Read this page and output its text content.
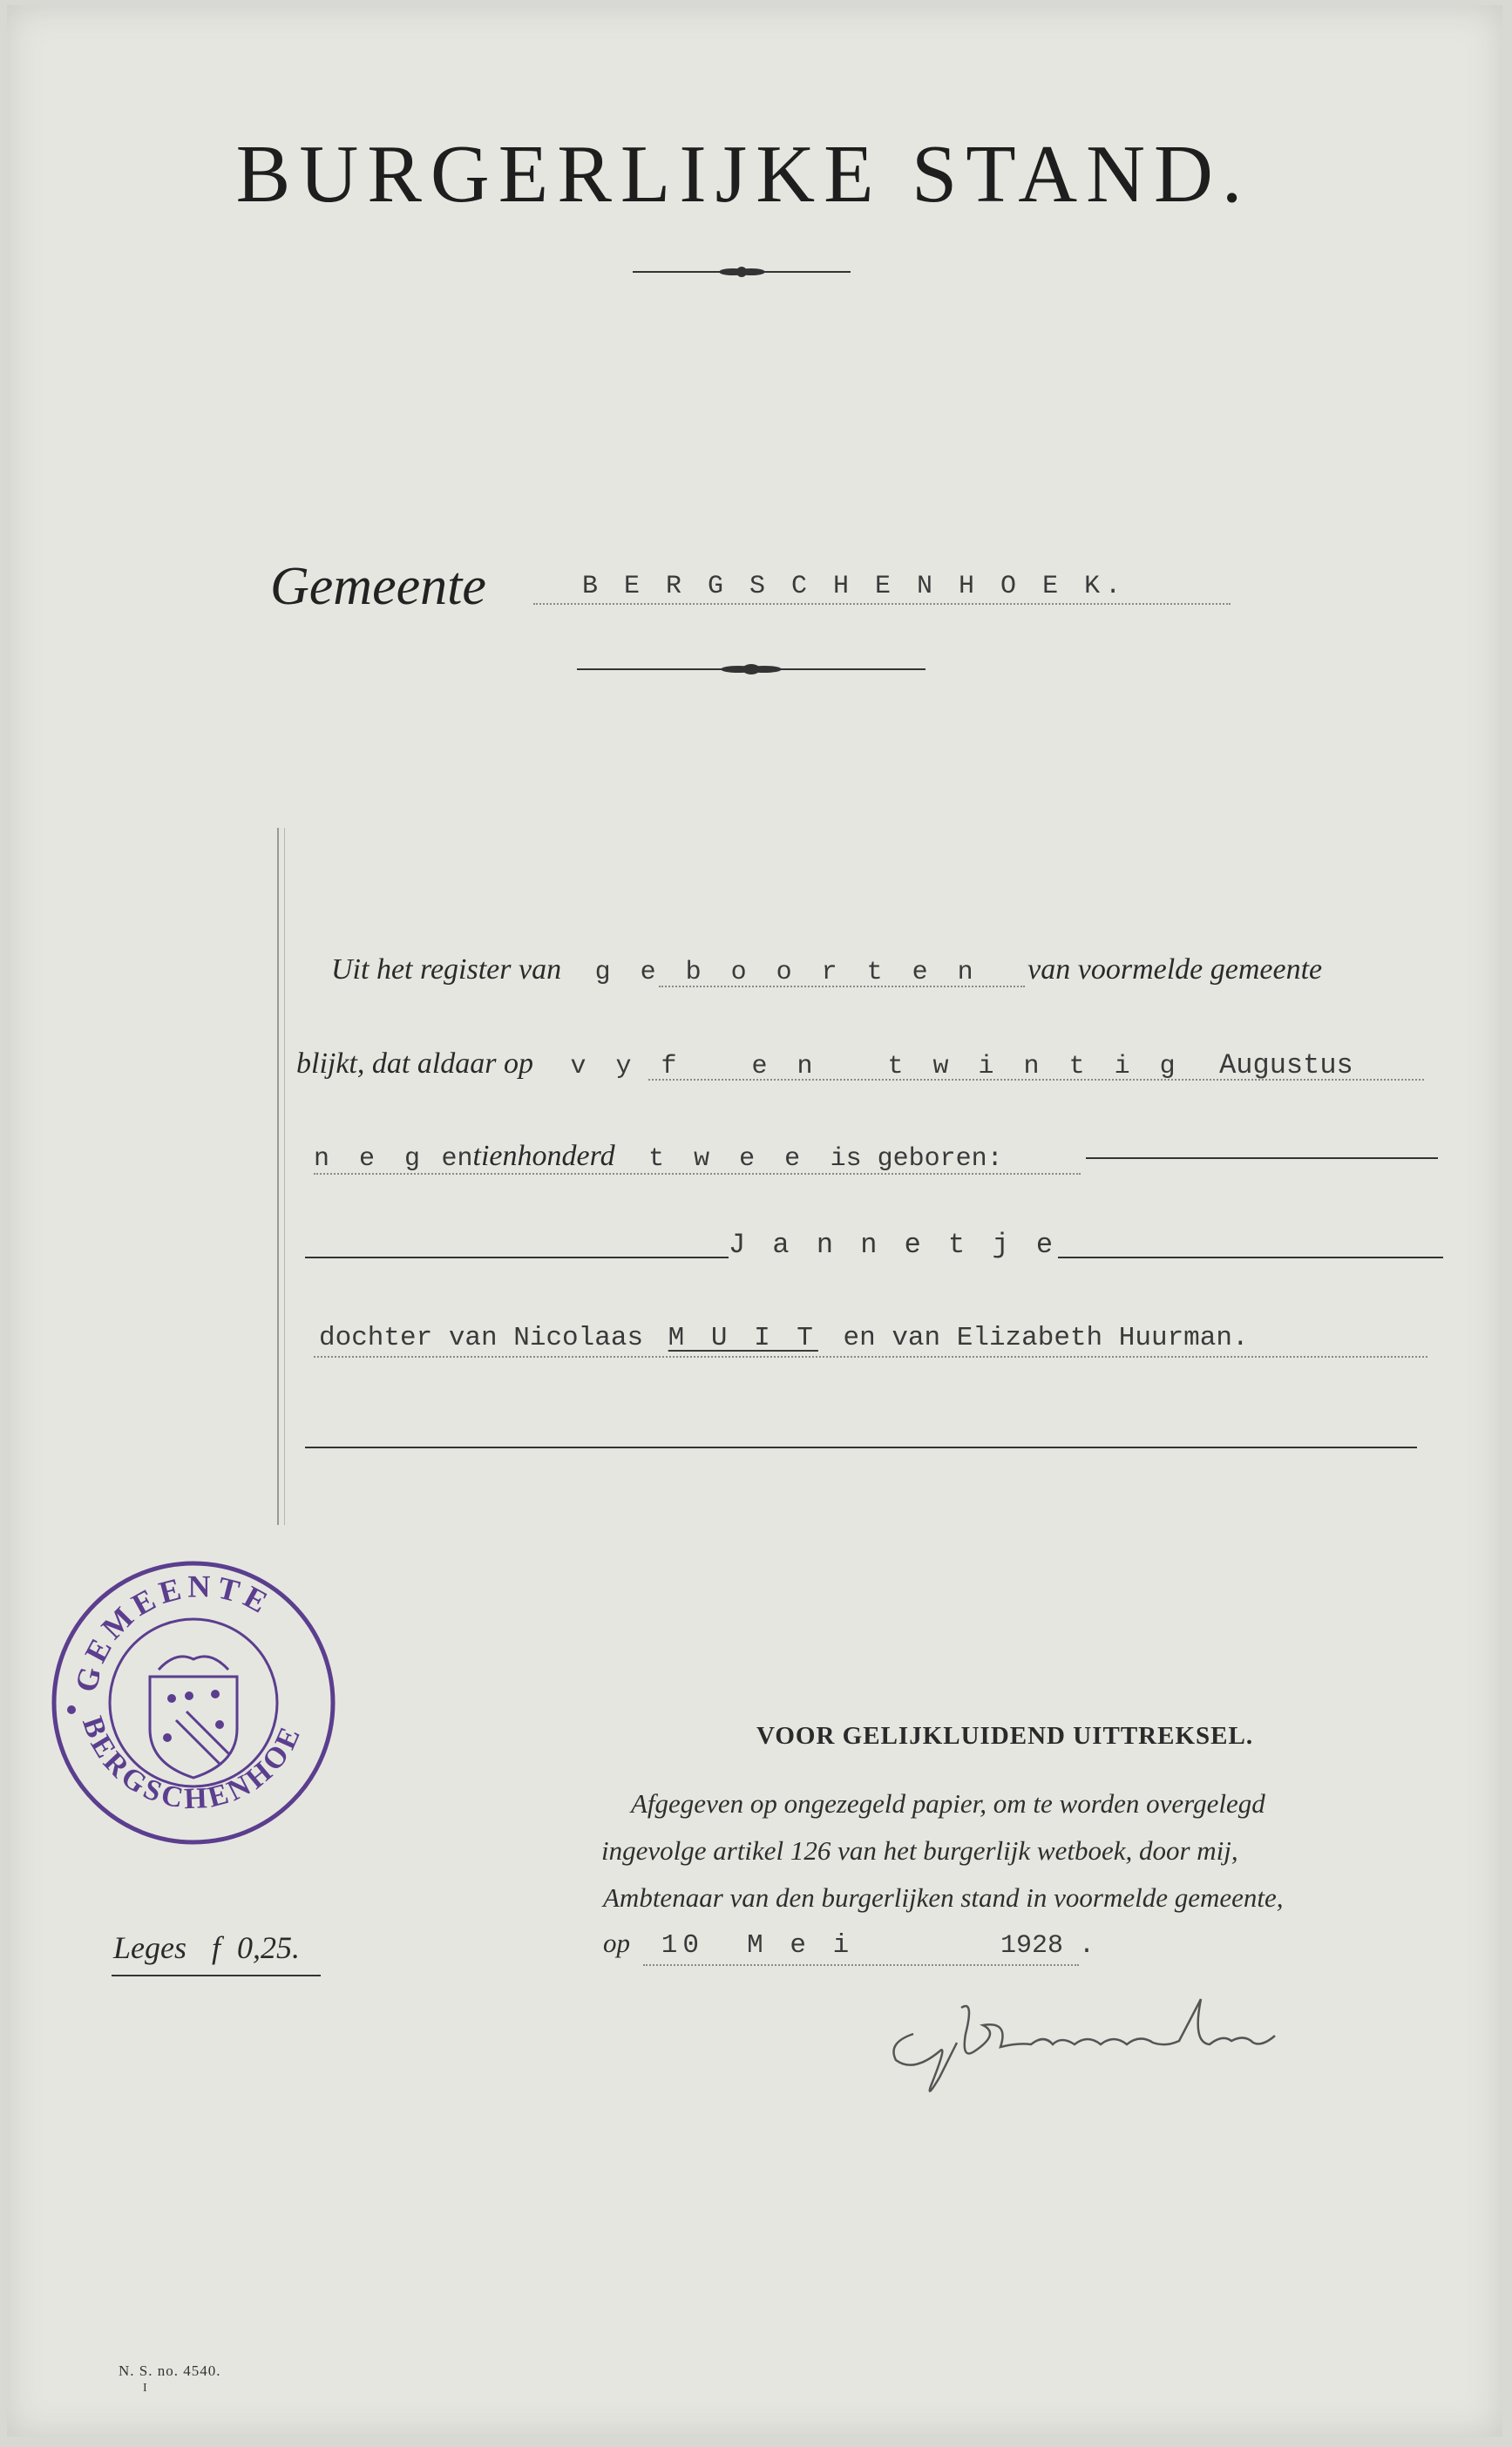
BURGERLIJKE STAND.
Gemeente	B E R G S C H E N H O E K.
Uit het register van g e b o o r t e n van voormelde gemeente
blijkt, dat aldaar op v y f   e n   t w i n t i g Augustus
n e g entienhonderd t w e e is geboren:
J a n n e t j e
dochter van Nicolaas M U I T en van Elizabeth Huurman.
GEMEENTE
BERGSCHENHOE
Leges f 0,25.
VOOR GELIJKLUIDEND UITTREKSEL.
Afgegeven op ongezegeld papier, om te worden overgelegd
ingevolge artikel 126 van het burgerlijk wetboek, door mij,
Ambtenaar van den burgerlijken stand in voormelde gemeente,
op 10  M e i	1928 .
N. S. no. 4540.
I
